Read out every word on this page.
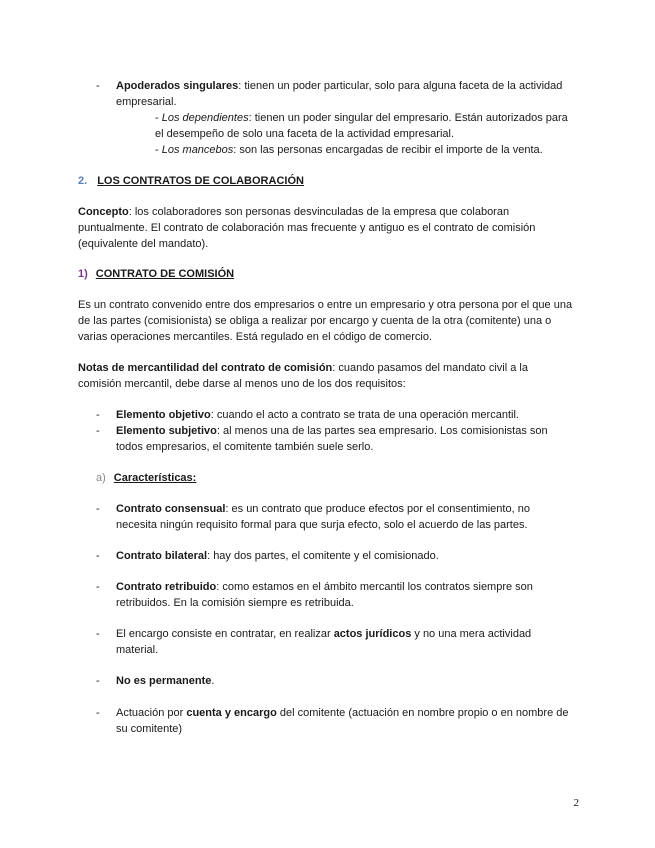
- Apoderados singulares: tienen un poder particular, solo para alguna faceta de la actividad empresarial.
- Los dependientes: tienen un poder singular del empresario. Están autorizados para el desempeño de solo una faceta de la actividad empresarial.
- Los mancebos: son las personas encargadas de recibir el importe de la venta.
2. LOS CONTRATOS DE COLABORACIÓN
Concepto: los colaboradores son personas desvinculadas de la empresa que colaboran puntualmente. El contrato de colaboración mas frecuente y antiguo es el contrato de comisión (equivalente del mandato).
1) CONTRATO DE COMISIÓN
Es un contrato convenido entre dos empresarios o entre un empresario y otra persona por el que una de las partes (comisionista) se obliga a realizar por encargo y cuenta de la otra (comitente) una o varias operaciones mercantiles. Está regulado en el código de comercio.
Notas de mercantilidad del contrato de comisión: cuando pasamos del mandato civil a la comisión mercantil, debe darse al menos uno de los dos requisitos:
- Elemento objetivo: cuando el acto a contrato se trata de una operación mercantil.
- Elemento subjetivo: al menos una de las partes sea empresario. Los comisionistas son todos empresarios, el comitente también suele serlo.
a) Características:
- Contrato consensual: es un contrato que produce efectos por el consentimiento, no necesita ningún requisito formal para que surja efecto, solo el acuerdo de las partes.
- Contrato bilateral: hay dos partes, el comitente y el comisionado.
- Contrato retribuido: como estamos en el ámbito mercantil los contratos siempre son retribuidos. En la comisión siempre es retribuida.
- El encargo consiste en contratar, en realizar actos jurídicos y no una mera actividad material.
- No es permanente.
- Actuación por cuenta y encargo del comitente (actuación en nombre propio o en nombre de su comitente)
2
